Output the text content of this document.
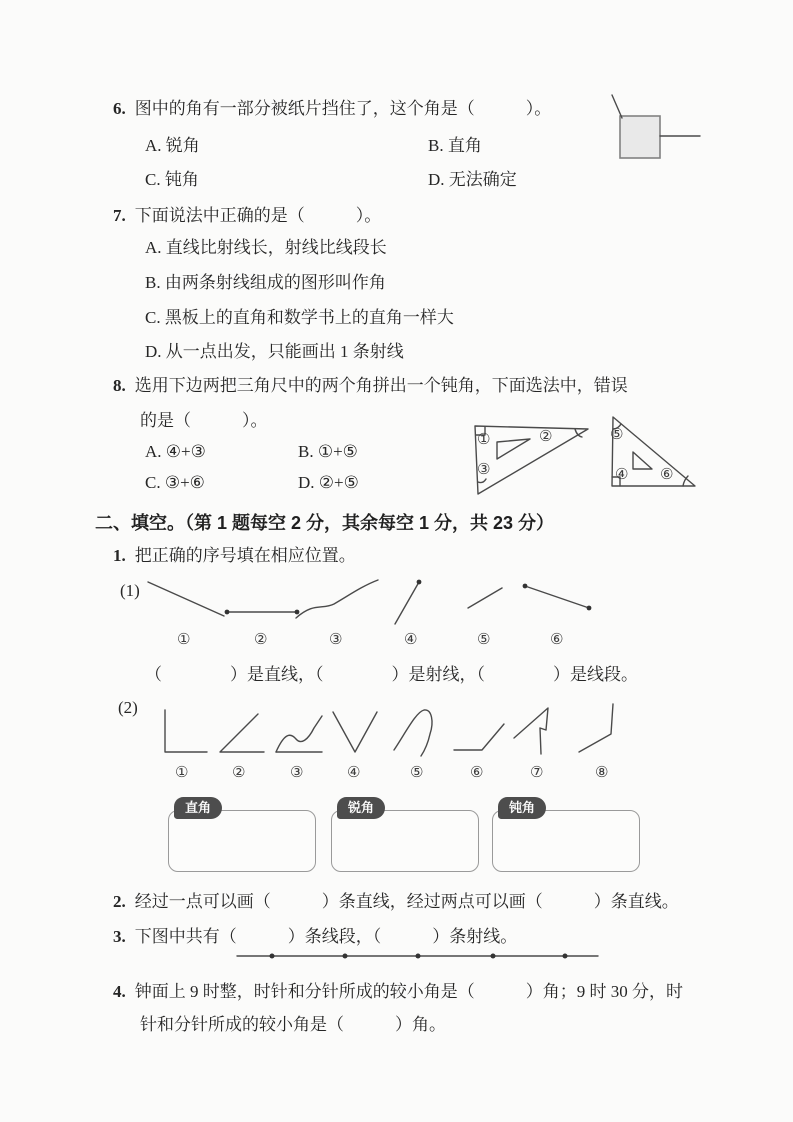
6. 图中的角有一部分被纸片挡住了，这个角是（　　　）。
A. 锐角	B. 直角
C. 钝角	D. 无法确定
7. 下面说法中正确的是（　　　）。
A. 直线比射线长，射线比线段长
B. 由两条射线组成的图形叫作角
C. 黑板上的直角和数学书上的直角一样大
D. 从一点出发，只能画出 1 条射线
8. 选用下边两把三角尺中的两个角拼出一个钝角，下面选法中，错误
的是（　　　）。
A. ④+③	B. ①+⑤
C. ③+⑥	D. ②+⑤
①	②
③
⑤
④ ⑥
二、填空。（第 1 题每空 2 分，其余每空 1 分，共 23 分）
1. 把正确的序号填在相应位置。
(1)
①	②	③	④	⑤	⑥
（　　　　）是直线，（　　　　）是射线，（　　　　）是线段。
(2)
①	②	③	④	⑤	⑥	⑦	⑧
直角	锐角	钝角
2. 经过一点可以画（　　　）条直线，经过两点可以画（　　　）条直线。
3. 下图中共有（　　　）条线段，（　　　）条射线。
4. 钟面上 9 时整，时针和分针所成的较小角是（　　　）角；9 时 30 分，时
针和分针所成的较小角是（　　　）角。
